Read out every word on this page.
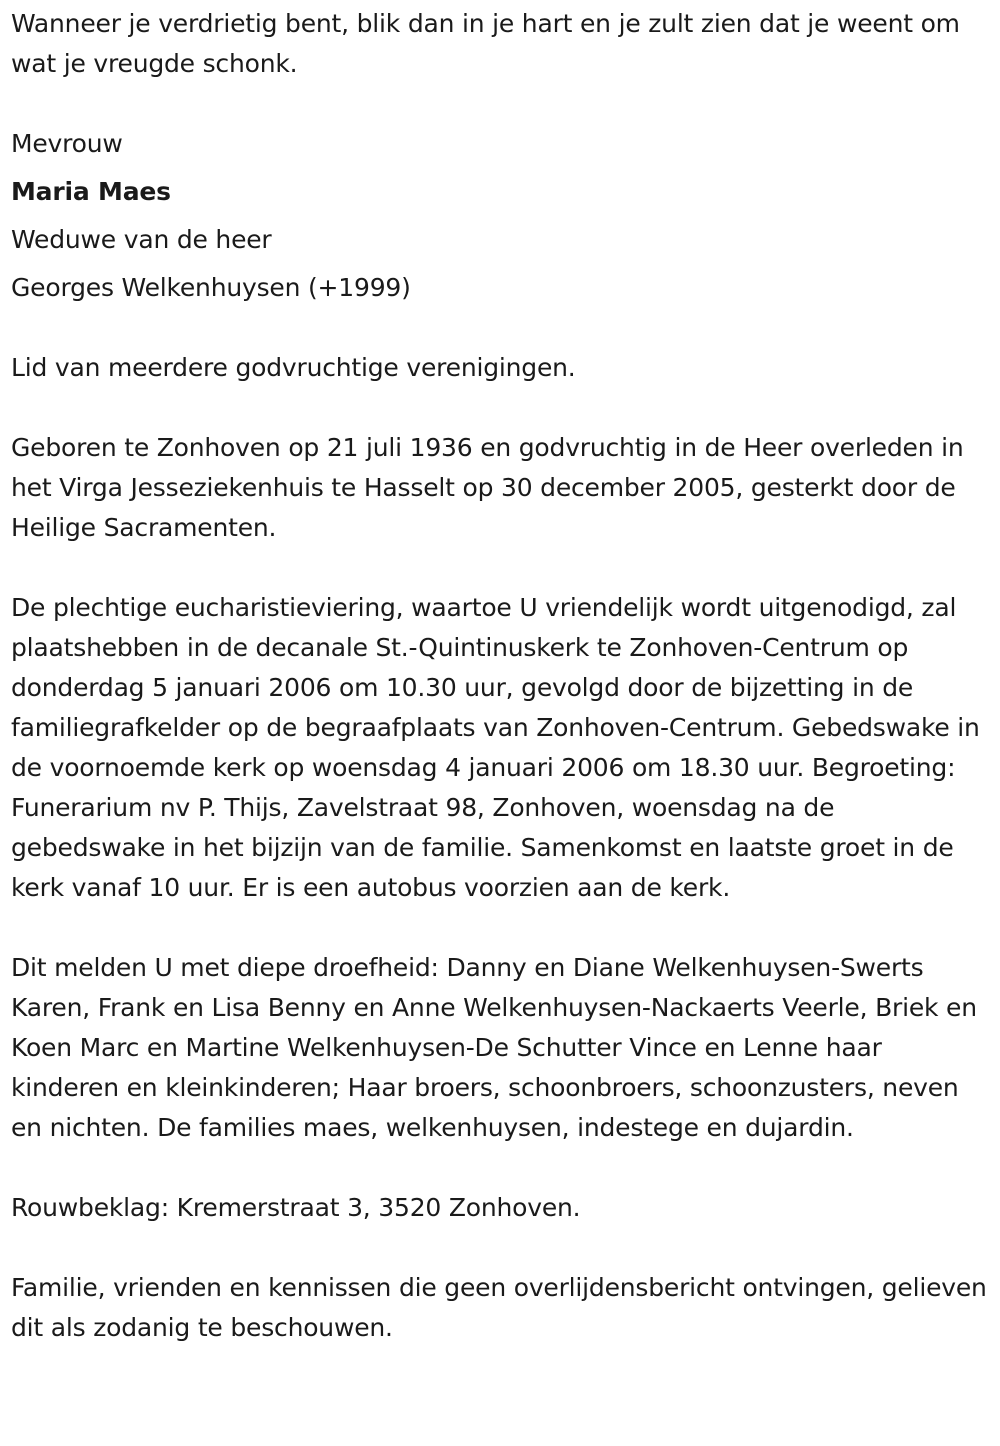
Wanneer je verdrietig bent, blik dan in je hart en je zult zien dat je weent om wat je vreugde schonk.

Mevrouw

Maria Maes

Weduwe van de heer

Georges Welkenhuysen (+1999)

Lid van meerdere godvruchtige verenigingen.

Geboren te Zonhoven op 21 juli 1936 en godvruchtig in de Heer overleden in het Virga Jesseziekenhuis te Hasselt op 30 december 2005, gesterkt door de Heilige Sacramenten.

De plechtige eucharistieviering, waartoe U vriendelijk wordt uitgenodigd, zal plaatshebben in de decanale St.-Quintinuskerk te Zonhoven-Centrum op donderdag 5 januari 2006 om 10.30 uur, gevolgd door de bijzetting in de familiegrafkelder op de begraafplaats van Zonhoven-Centrum. Gebedswake in de voornoemde kerk op woensdag 4 januari 2006 om 18.30 uur. Begroeting: Funerarium nv P. Thijs, Zavelstraat 98, Zonhoven, woensdag na de gebedswake in het bijzijn van de familie. Samenkomst en laatste groet in de kerk vanaf 10 uur. Er is een autobus voorzien aan de kerk.

Dit melden U met diepe droefheid: Danny en Diane Welkenhuysen-Swerts Karen, Frank en Lisa Benny en Anne Welkenhuysen-Nackaerts Veerle, Briek en Koen Marc en Martine Welkenhuysen-De Schutter Vince en Lenne haar kinderen en kleinkinderen; Haar broers, schoonbroers, schoonzusters, neven en nichten. De families maes, welkenhuysen, indestege en dujardin.

Rouwbeklag: Kremerstraat 3, 3520 Zonhoven.

Familie, vrienden en kennissen die geen overlijdensbericht ontvingen, gelieven dit als zodanig te beschouwen.
